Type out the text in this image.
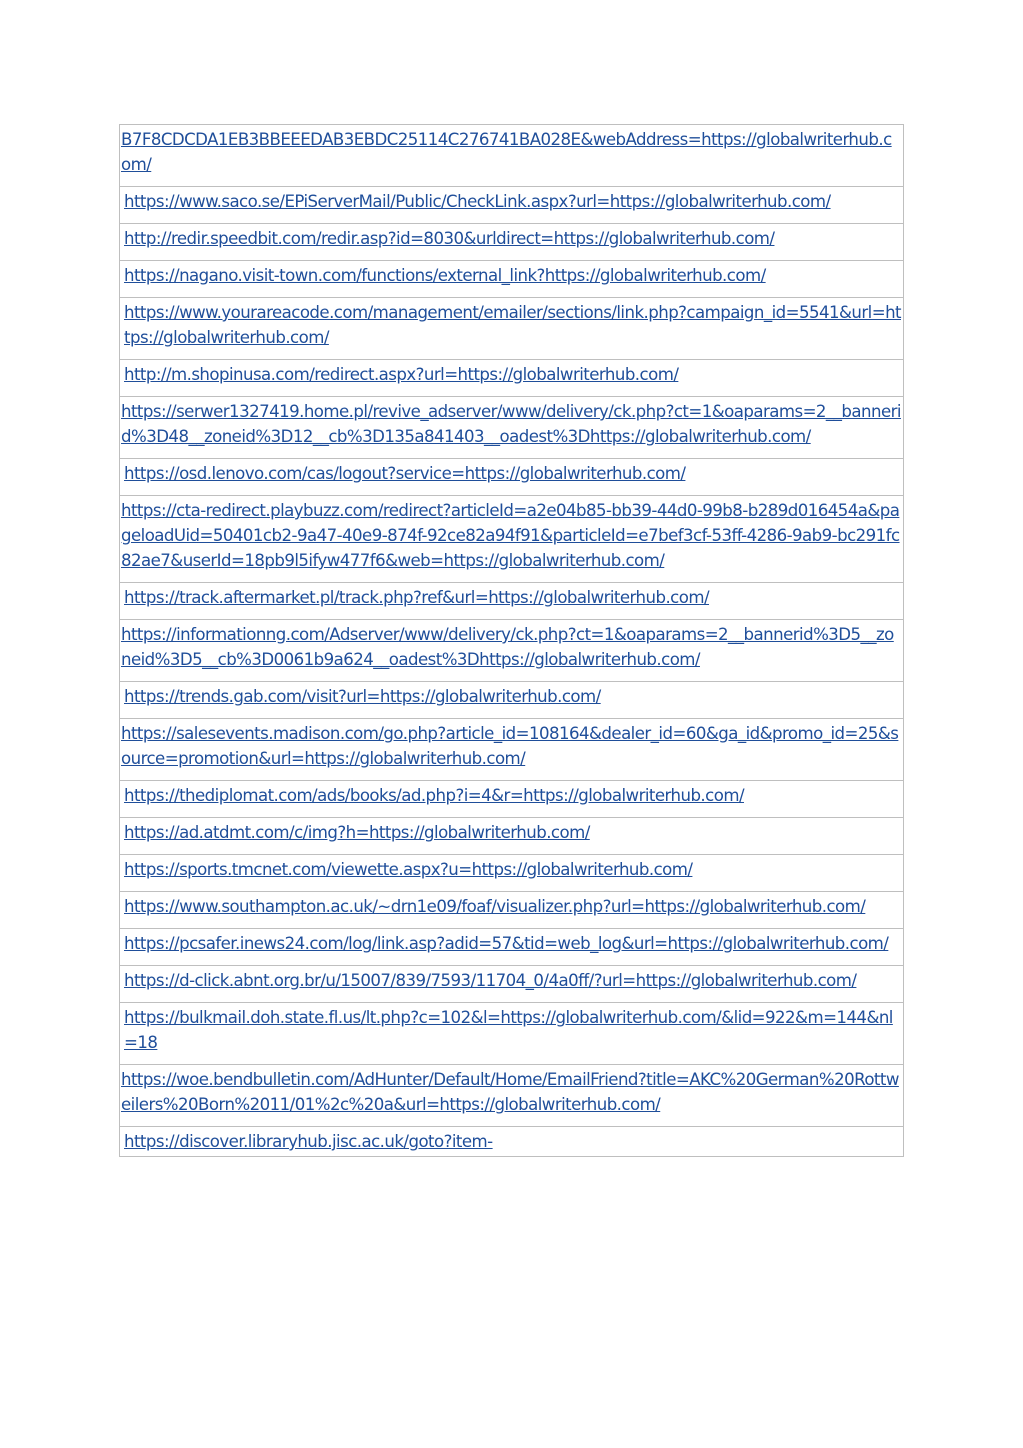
B7F8CDCDA1EB3BBEEEDAB3EBDC25114C276741BA028E&webAddress=https://globalwriterhub.com/

https://www.saco.se/EPiServerMail/Public/CheckLink.aspx?url=https://globalwriterhub.com/

http://redir.speedbit.com/redir.asp?id=8030&urldirect=https://globalwriterhub.com/

https://nagano.visit-town.com/functions/external_link?https://globalwriterhub.com/

https://www.yourareacode.com/management/emailer/sections/link.php?campaign_id=5541&url=https://globalwriterhub.com/

http://m.shopinusa.com/redirect.aspx?url=https://globalwriterhub.com/

https://serwer1327419.home.pl/revive_adserver/www/delivery/ck.php?ct=1&oaparams=2__bannerid%3D48__zoneid%3D12__cb%3D135a841403__oadest%3Dhttps://globalwriterhub.com/

https://osd.lenovo.com/cas/logout?service=https://globalwriterhub.com/

https://cta-redirect.playbuzz.com/redirect?articleId=a2e04b85-bb39-44d0-99b8-b289d016454a&pageloadUid=50401cb2-9a47-40e9-874f-92ce82a94f91&particleId=e7bef3cf-53ff-4286-9ab9-bc291fc82ae7&userId=18pb9l5ifyw477f6&web=https://globalwriterhub.com/

https://track.aftermarket.pl/track.php?ref&url=https://globalwriterhub.com/

https://informationng.com/Adserver/www/delivery/ck.php?ct=1&oaparams=2__bannerid%3D5__zoneid%3D5__cb%3D0061b9a624__oadest%3Dhttps://globalwriterhub.com/

https://trends.gab.com/visit?url=https://globalwriterhub.com/

https://salesevents.madison.com/go.php?article_id=108164&dealer_id=60&ga_id&promo_id=25&source=promotion&url=https://globalwriterhub.com/

https://thediplomat.com/ads/books/ad.php?i=4&r=https://globalwriterhub.com/

https://ad.atdmt.com/c/img?h=https://globalwriterhub.com/

https://sports.tmcnet.com/viewette.aspx?u=https://globalwriterhub.com/

https://www.southampton.ac.uk/~drn1e09/foaf/visualizer.php?url=https://globalwriterhub.com/

https://pcsafer.inews24.com/log/link.asp?adid=57&tid=web_log&url=https://globalwriterhub.com/

https://d-click.abnt.org.br/u/15007/839/7593/11704_0/4a0ff/?url=https://globalwriterhub.com/

https://bulkmail.doh.state.fl.us/lt.php?c=102&l=https://globalwriterhub.com/&lid=922&m=144&nl=18

https://woe.bendbulletin.com/AdHunter/Default/Home/EmailFriend?title=AKC%20German%20Rottweilers%20Born%2011/01%2c%20a&url=https://globalwriterhub.com/

https://discover.libraryhub.jisc.ac.uk/goto?item-
